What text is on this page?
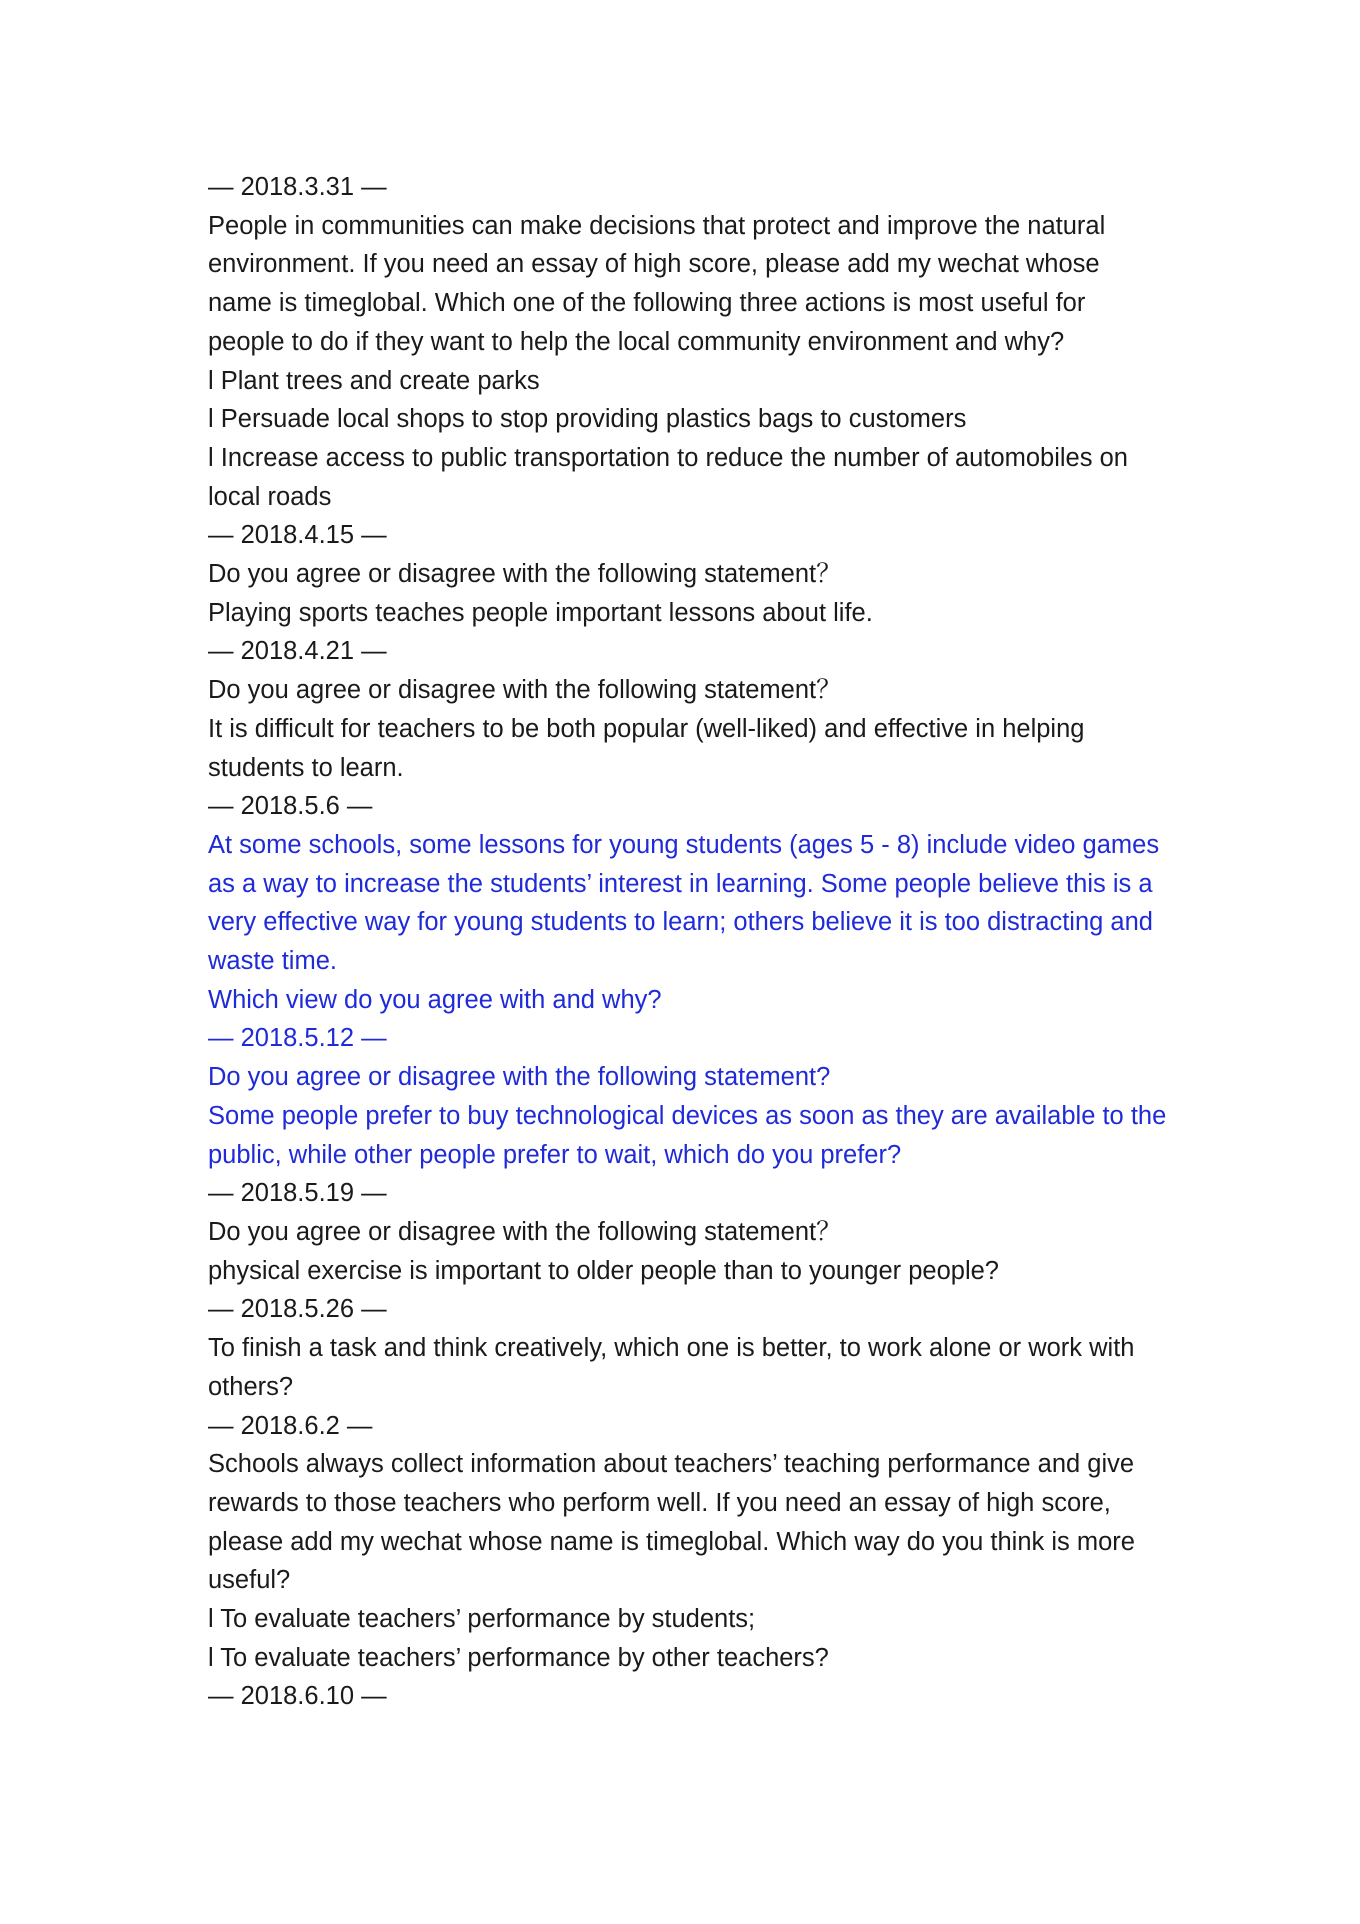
— 2018.3.31 —

People in communities can make decisions that protect and improve the natural environment. If you need an essay of high score, please add my wechat whose name is timeglobal. Which one of the following three actions is most useful for people to do if they want to help the local community environment and why?

l Plant trees and create parks

l Persuade local shops to stop providing plastics bags to customers

l Increase access to public transportation to reduce the number of automobiles on local roads

— 2018.4.15 —

Do you agree or disagree with the following statement？

Playing sports teaches people important lessons about life.

— 2018.4.21 —

Do you agree or disagree with the following statement？

It is difficult for teachers to be both popular (well-liked) and effective in helping students to learn.

— 2018.5.6 —

At some schools, some lessons for young students (ages 5 - 8) include video games as a way to increase the students’ interest in learning. Some people believe this is a very effective way for young students to learn; others believe it is too distracting and waste time.

Which view do you agree with and why?

— 2018.5.12 —

Do you agree or disagree with the following statement?

Some people prefer to buy technological devices as soon as they are available to the public, while other people prefer to wait, which do you prefer?

— 2018.5.19 —

Do you agree or disagree with the following statement？

physical exercise is important to older people than to younger people?

— 2018.5.26 —

To finish a task and think creatively, which one is better, to work alone or work with others?

— 2018.6.2 —

Schools always collect information about teachers’ teaching performance and give rewards to those teachers who perform well. If you need an essay of high score, please add my wechat whose name is timeglobal. Which way do you think is more useful?

l To evaluate teachers’ performance by students;

l To evaluate teachers’ performance by other teachers?

— 2018.6.10 —
